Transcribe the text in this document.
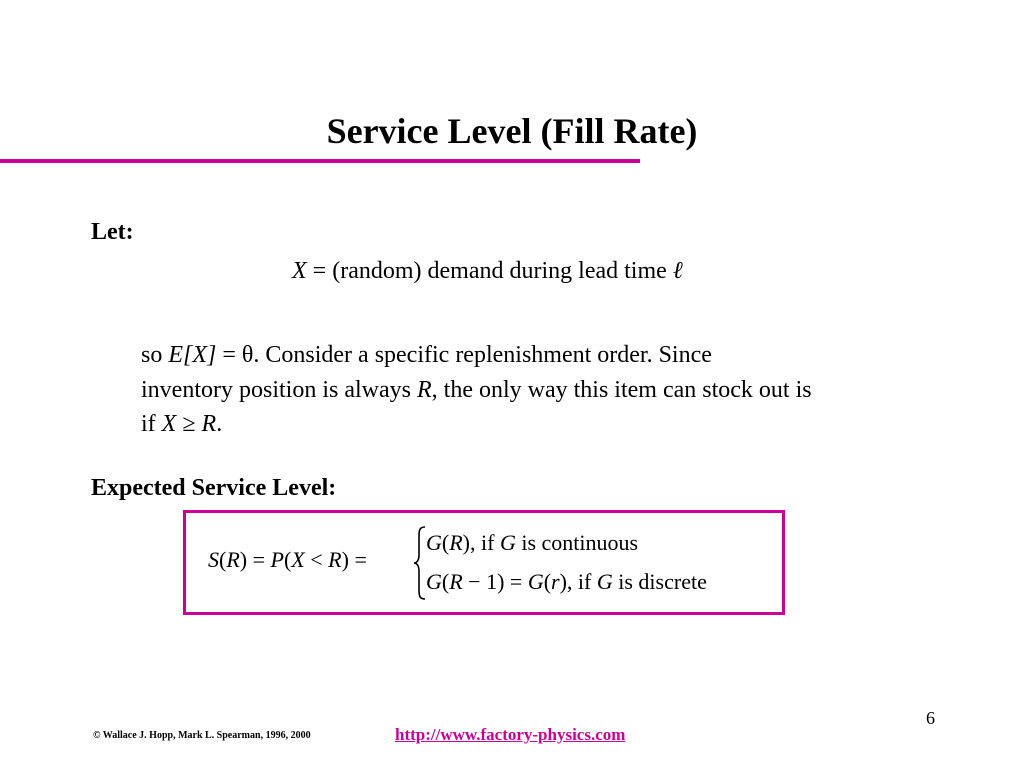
Service Level (Fill Rate)
Let:
X = (random) demand during lead time ℓ
so E[X] = θ. Consider a specific replenishment order. Since
inventory position is always R, the only way this item can stock out is
if X ≥ R.
Expected Service Level:
S(R) = P(X < R) =
G(R), if G is continuous
G(R − 1) = G(r), if G is discrete
6
© Wallace J. Hopp, Mark L. Spearman, 1996, 2000	http://www.factory-physics.com
